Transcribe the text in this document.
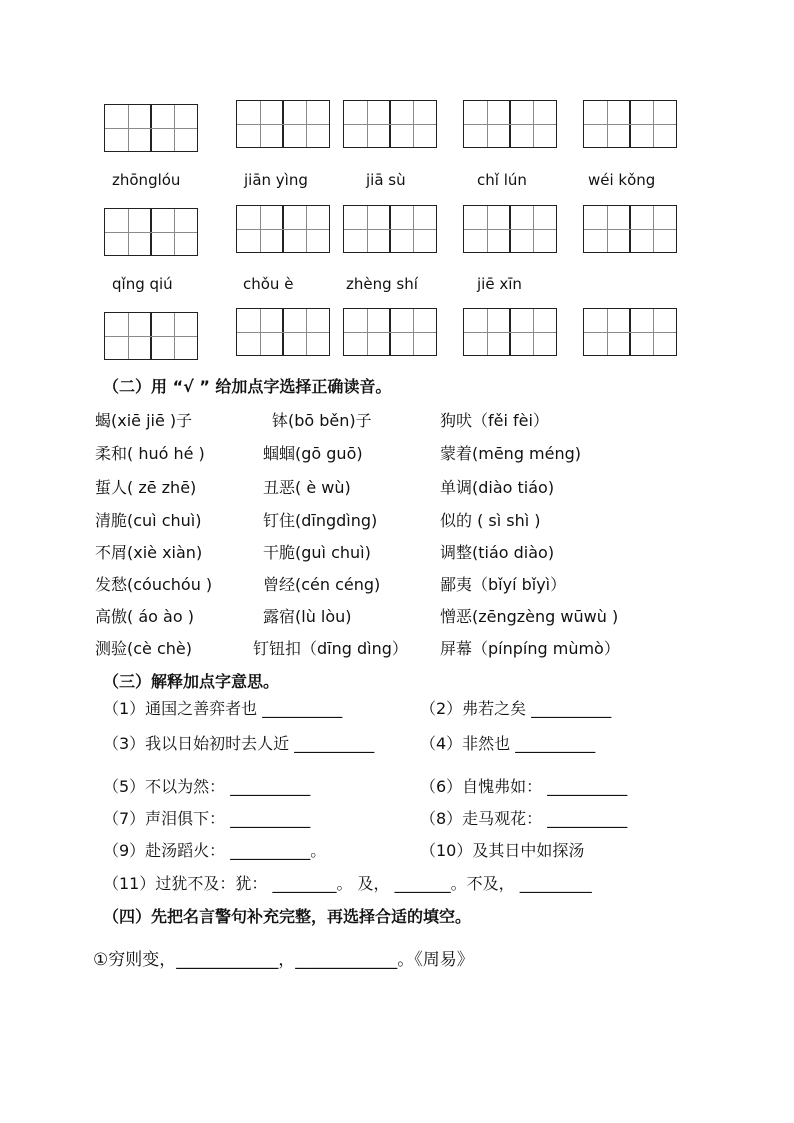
zhōnglóu	jiān yìng	jiā sù	chǐ lún	wéi kǒng
qǐng qiú	chǒu è	zhèng shí	jiē xīn
（二）用 “√ ” 给加点字选择正确读音。
蝎(xiē jiē )子	钵(bō běn)子	狗吠（fěi fèi）
柔和( huó hé )	蝈蝈(gō guō)	蒙着(mēng méng)
蜇人( zē zhē)	丑恶( è wù)	单调(diào tiáo)
清脆(cuì chuì)	钉住(dīngdìng)	似的 ( sì shì )
不屑(xiè xiàn)	干脆(guì chuì)	调整(tiáo diào)
发愁(cóuchóu )	曾经(cén céng)	鄙夷（bǐyí bǐyì）
高傲( áo ào )	露宿(lù lòu)	憎恶(zēngzèng wūwù )
测验(cè chè)	钉钮扣（dīng dìng） 屏幕（pínpíng mùmò）
（三）解释加点字意思。
（1）通国之善弈者也 __________	（2）弗若之矣 __________
（3）我以日始初时去人近 __________	（4）非然也 __________
（5）不以为然： __________	（6）自愧弗如： __________
（7）声泪俱下： __________	（8）走马观花： __________
（9）赴汤蹈火： __________。	（10）及其日中如探汤
（11）过犹不及：犹： ________。 及， _______。不及， _________
（四）先把名言警句补充完整，再选择合适的填空。
①穷则变，____________，____________。《周易》
